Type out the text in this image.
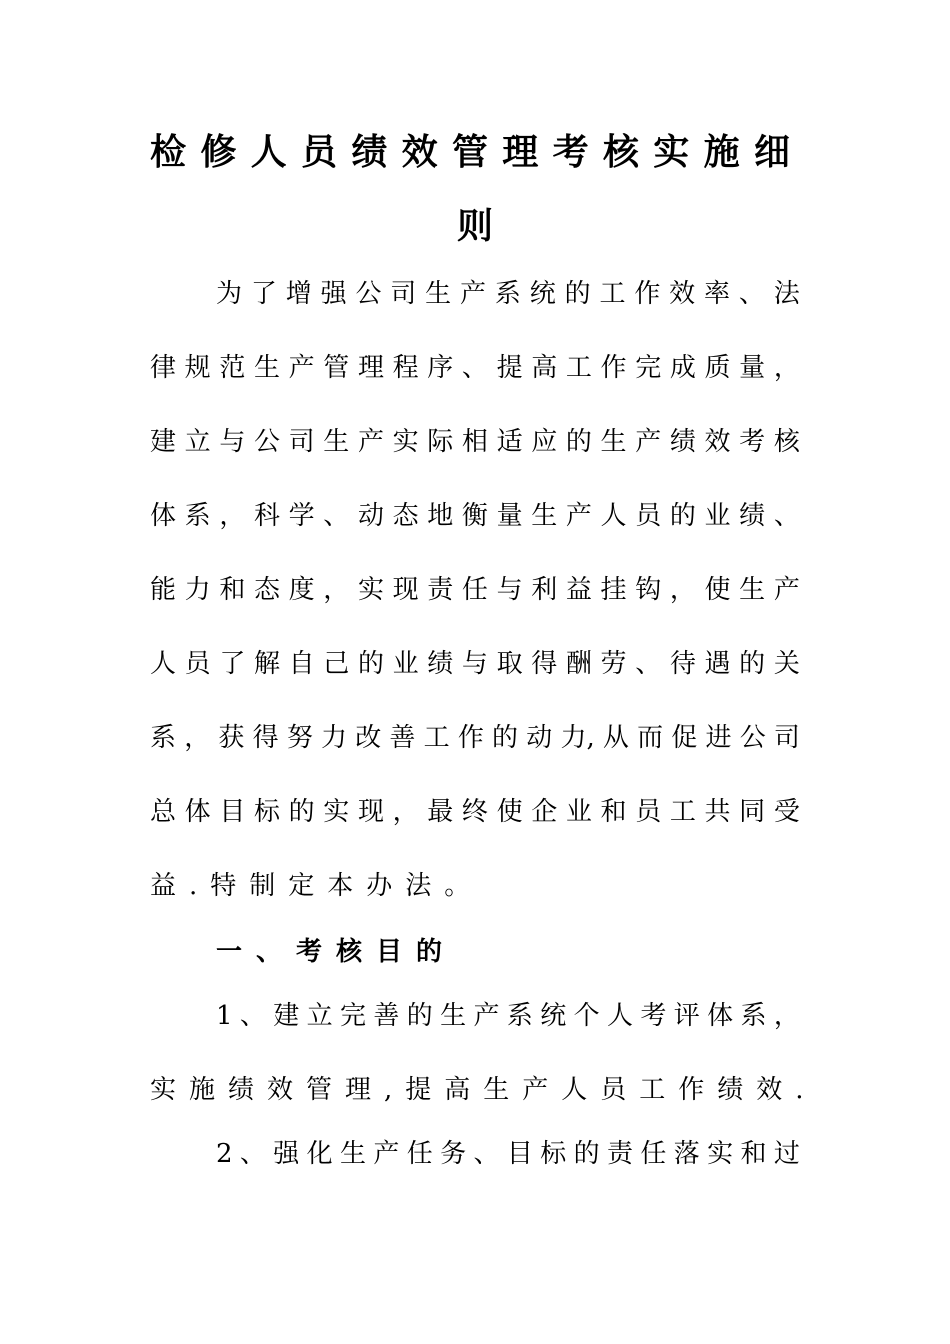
检 修 人 员 绩 效 管 理 考 核 实 施 细
则
为 了 增 强 公 司 生 产 系 统 的 工 作 效 率 、 法
律 规 范 生 产 管 理 程 序 、 提 高 工 作 完 成 质 量 ，
建 立 与 公 司 生 产 实 际 相 适 应 的 生 产 绩 效 考 核
体 系 ， 科 学 、 动 态 地 衡 量 生 产 人 员 的 业 绩 、
能 力 和 态 度 ， 实 现 责 任 与 利 益 挂 钩 ， 使 生 产
人 员 了 解 自 己 的 业 绩 与 取 得 酬 劳 、 待 遇 的 关
系 ， 获 得 努 力 改 善 工 作 的 动 力, 从 而 促 进 公 司
总 体 目 标 的 实 现 ， 最 终 使 企 业 和 员 工 共 同 受
益.特制定本办法。
一、考核目的
1 、 建 立 完 善 的 生 产 系 统 个 人 考 评 体 系 ，
实施绩效管理,提高生产人员工作绩效.
2 、 强 化 生 产 任 务 、 目 标 的 责 任 落 实 和 过
